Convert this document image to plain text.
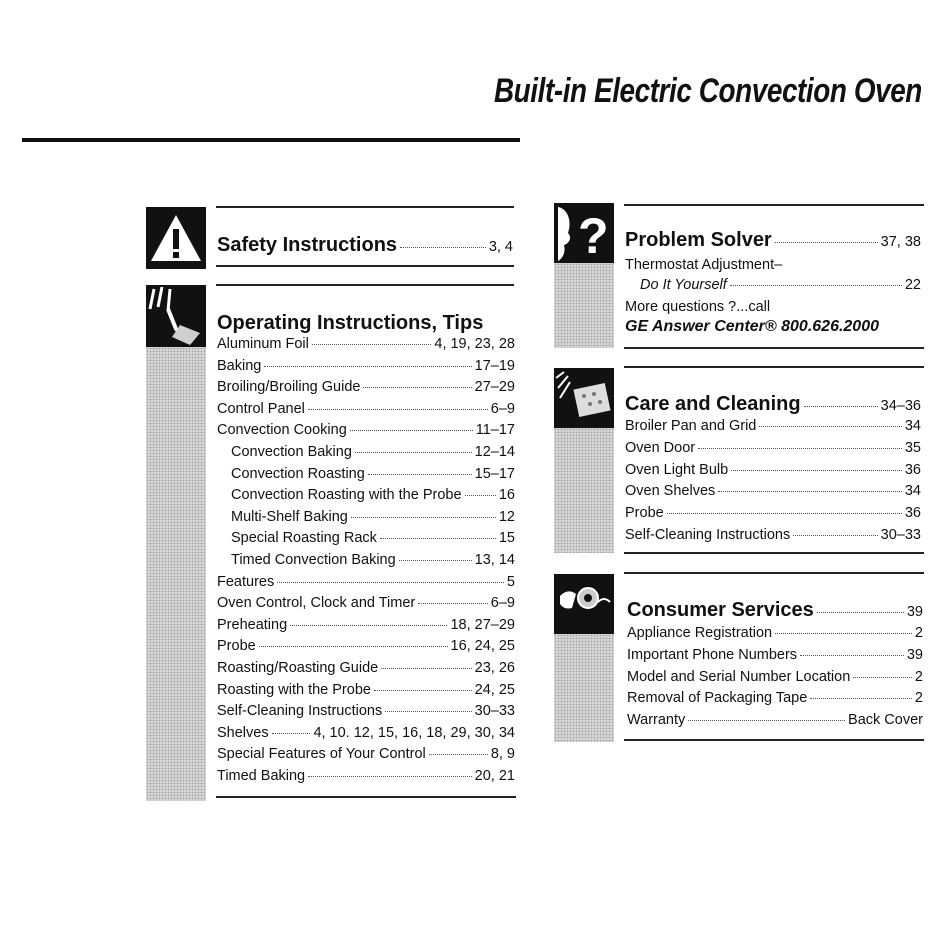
Built-in Electric Convection Oven
Safety Instructions	3, 4
Operating Instructions, Tips
Aluminum Foil	4, 19, 23, 28
Baking	17–19
Broiling/Broiling Guide	27–29
Control Panel	6–9
Convection Cooking	11–17
Convection Baking	12–14
Convection Roasting	15–17
Convection Roasting with the Probe	16
Multi-Shelf Baking	12
Special Roasting Rack	15
Timed Convection Baking	13, 14
Features	5
Oven Control, Clock and Timer	6–9
Preheating	18, 27–29
Probe	16, 24, 25
Roasting/Roasting Guide	23, 26
Roasting with the Probe	24, 25
Self-Cleaning Instructions	30–33
Shelves	4, 10. 12, 15, 16, 18, 29, 30, 34
Special Features of Your Control	8, 9
Timed Baking	20, 21
? Problem Solver	37, 38
Thermostat Adjustment–
Do It Yourself	22
More questions ?...call
GE Answer Center® 800.626.2000
Care and Cleaning	34–36
Broiler Pan and Grid	34
Oven Door	35
Oven Light Bulb	36
Oven Shelves	34
Probe	36
Self-Cleaning Instructions	30–33
Consumer Services	39
Appliance Registration	2
Important Phone Numbers	39
Model and Serial Number Location	2
Removal of Packaging Tape	2
Warranty	Back Cover
